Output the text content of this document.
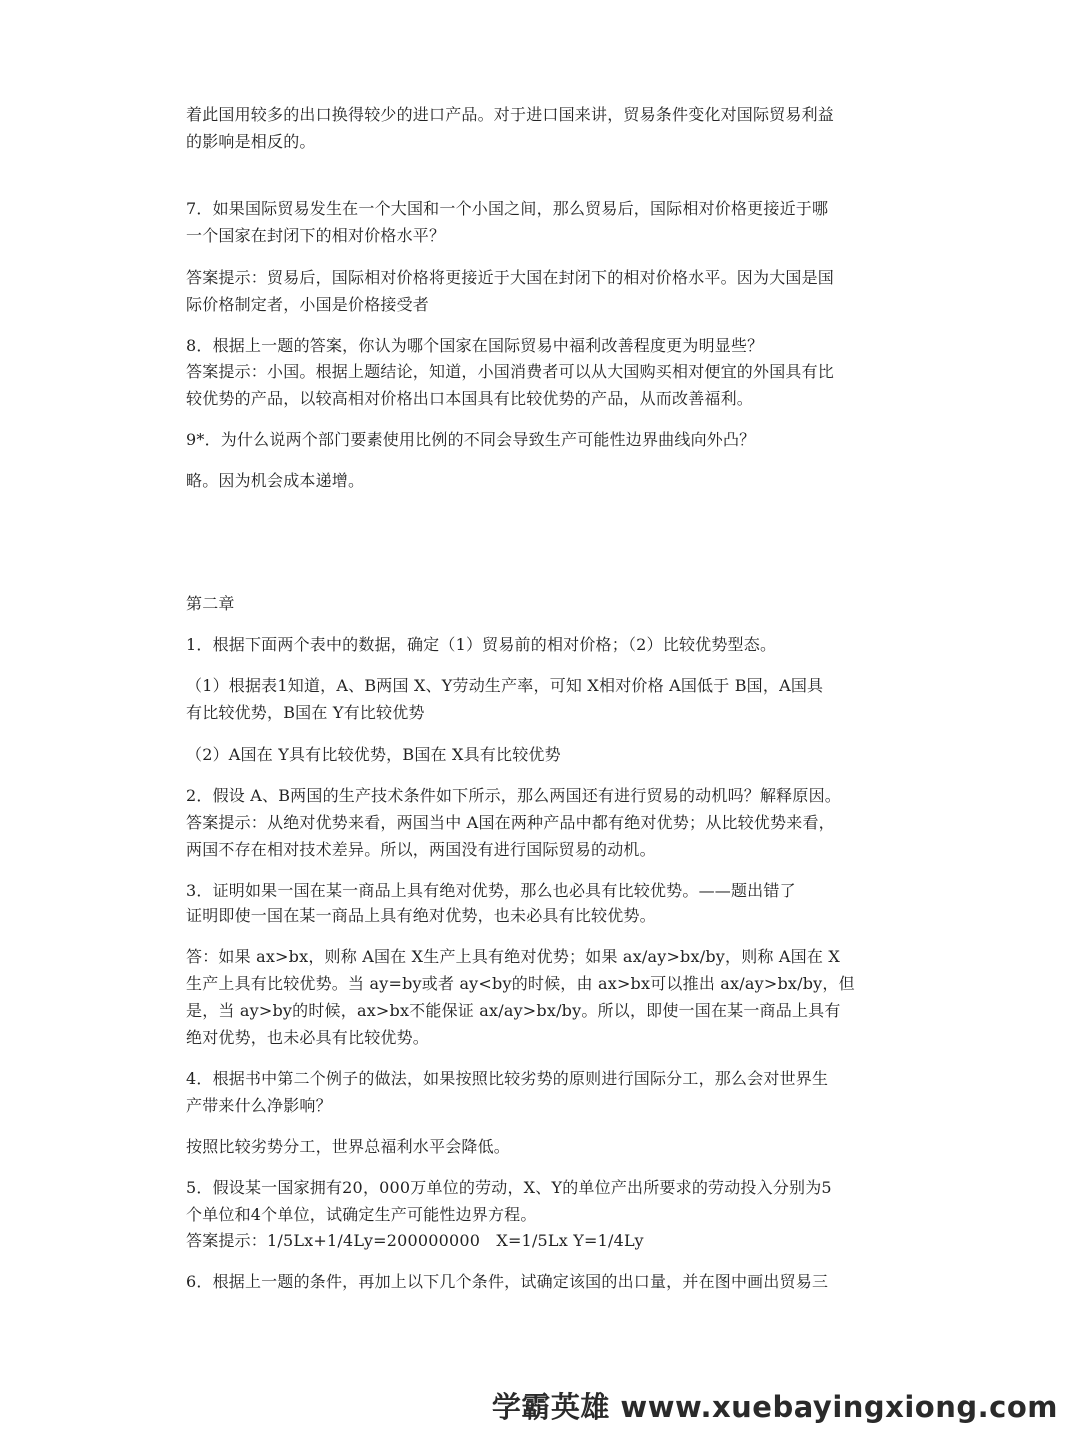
着此国用较多的出口换得较少的进口产品。对于进口国来讲，贸易条件变化对国际贸易利益
的影响是相反的。
7．如果国际贸易发生在一个大国和一个小国之间，那么贸易后，国际相对价格更接近于哪
一个国家在封闭下的相对价格水平？
答案提示：贸易后，国际相对价格将更接近于大国在封闭下的相对价格水平。因为大国是国
际价格制定者，小国是价格接受者
8．根据上一题的答案，你认为哪个国家在国际贸易中福利改善程度更为明显些？
答案提示：小国。根据上题结论，知道，小国消费者可以从大国购买相对便宜的外国具有比
较优势的产品，以较高相对价格出口本国具有比较优势的产品，从而改善福利。
9*．为什么说两个部门要素使用比例的不同会导致生产可能性边界曲线向外凸？
略。因为机会成本递增。
第二章
1．根据下面两个表中的数据，确定（1）贸易前的相对价格；（2）比较优势型态。
（1）根据表1知道，A、B两国 X、Y劳动生产率，可知 X相对价格 A国低于 B国，A国具
有比较优势，B国在 Y有比较优势
（2）A国在 Y具有比较优势，B国在 X具有比较优势
2．假设 A、B两国的生产技术条件如下所示，那么两国还有进行贸易的动机吗？解释原因。
答案提示：从绝对优势来看，两国当中 A国在两种产品中都有绝对优势；从比较优势来看，
两国不存在相对技术差异。所以，两国没有进行国际贸易的动机。
3．证明如果一国在某一商品上具有绝对优势，那么也必具有比较优势。——题出错了
证明即使一国在某一商品上具有绝对优势，也未必具有比较优势。
答：如果 ax>bx，则称 A国在 X生产上具有绝对优势；如果 ax/ay>bx/by，则称 A国在 X
生产上具有比较优势。当 ay=by或者 ay<by的时候，由 ax>bx可以推出 ax/ay>bx/by，但
是，当 ay>by的时候，ax>bx不能保证 ax/ay>bx/by。所以，即使一国在某一商品上具有
绝对优势，也未必具有比较优势。
4．根据书中第二个例子的做法，如果按照比较劣势的原则进行国际分工，那么会对世界生
产带来什么净影响？
按照比较劣势分工，世界总福利水平会降低。
5．假设某一国家拥有20，000万单位的劳动，X、Y的单位产出所要求的劳动投入分别为5
个单位和4个单位，试确定生产可能性边界方程。
答案提示：1/5Lx+1/4Ly=200000000　X=1/5Lx Y=1/4Ly
6．根据上一题的条件，再加上以下几个条件，试确定该国的出口量，并在图中画出贸易三
学霸英雄 www.xuebayingxiong.com
